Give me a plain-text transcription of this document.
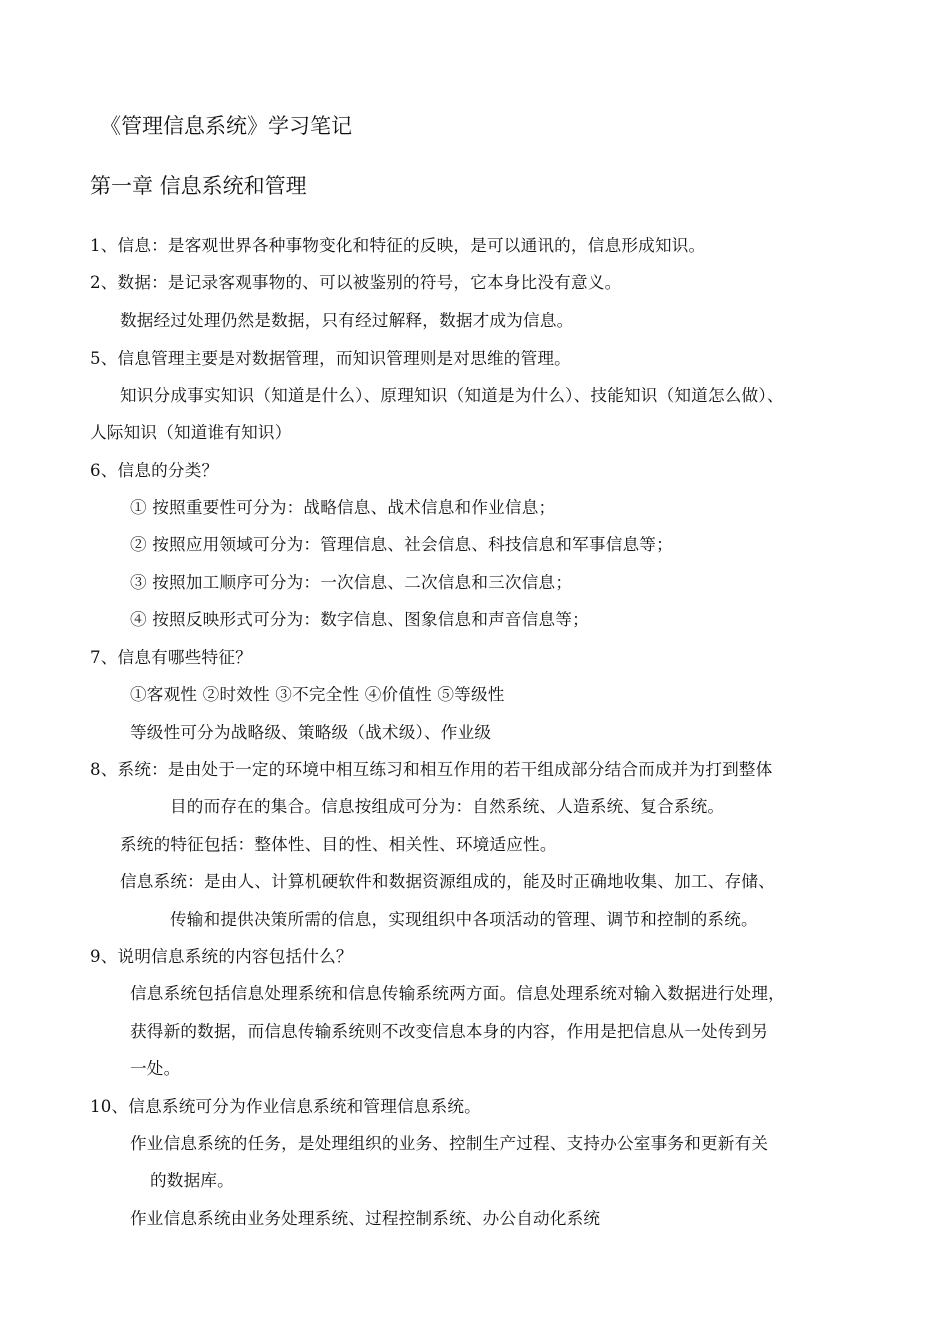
《管理信息系统》学习笔记
第一章 信息系统和管理
1、信息：是客观世界各种事物变化和特征的反映，是可以通讯的，信息形成知识。
2、数据：是记录客观事物的、可以被鉴别的符号，它本身比没有意义。
数据经过处理仍然是数据，只有经过解释，数据才成为信息。
5、信息管理主要是对数据管理，而知识管理则是对思维的管理。
知识分成事实知识（知道是什么）、原理知识（知道是为什么）、技能知识（知道怎么做）、
人际知识（知道谁有知识）
6、信息的分类？
① 按照重要性可分为：战略信息、战术信息和作业信息；
② 按照应用领域可分为：管理信息、社会信息、科技信息和军事信息等；
③ 按照加工顺序可分为：一次信息、二次信息和三次信息；
④ 按照反映形式可分为：数字信息、图象信息和声音信息等；
7、信息有哪些特征？
①客观性 ②时效性 ③不完全性 ④价值性 ⑤等级性
等级性可分为战略级、策略级（战术级）、作业级
8、系统：是由处于一定的环境中相互练习和相互作用的若干组成部分结合而成并为打到整体
目的而存在的集合。信息按组成可分为：自然系统、人造系统、复合系统。
系统的特征包括：整体性、目的性、相关性、环境适应性。
信息系统：是由人、计算机硬软件和数据资源组成的，能及时正确地收集、加工、存储、
传输和提供决策所需的信息，实现组织中各项活动的管理、调节和控制的系统。
9、说明信息系统的内容包括什么？
信息系统包括信息处理系统和信息传输系统两方面。信息处理系统对输入数据进行处理，
获得新的数据，而信息传输系统则不改变信息本身的内容，作用是把信息从一处传到另
一处。
10、信息系统可分为作业信息系统和管理信息系统。
作业信息系统的任务，是处理组织的业务、控制生产过程、支持办公室事务和更新有关
的数据库。
作业信息系统由业务处理系统、过程控制系统、办公自动化系统
